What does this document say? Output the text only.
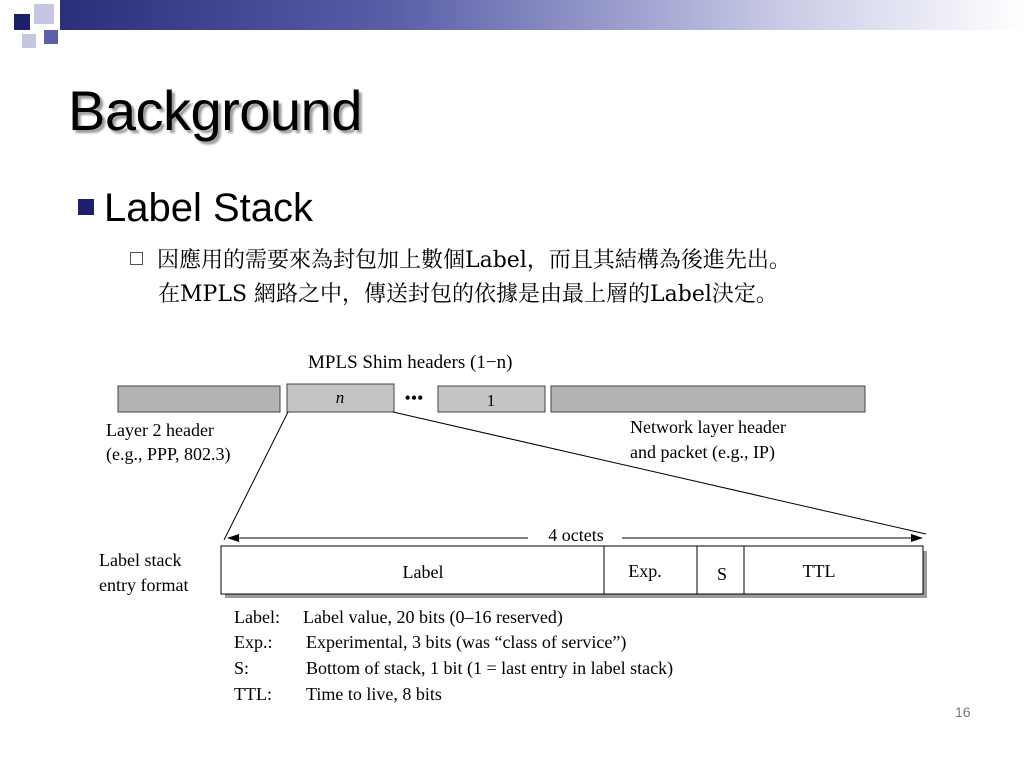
Background
Label Stack
因應用的需要來為封包加上數個Label，而且其結構為後進先出。
在MPLS 網路之中，傳送封包的依據是由最上層的Label決定。
MPLS Shim headers (1−n)
n	•••	1
Layer 2 header
(e.g., PPP, 802.3)
Network layer header
and packet (e.g., IP)
4 octets
Label stack
entry format
Label	Exp.	S	TTL
Label: Label value, 20 bits (0–16 reserved)
Exp.: Experimental, 3 bits (was “class of service”)
S:	Bottom of stack, 1 bit (1 = last entry in label stack)
TTL: Time to live, 8 bits
16
